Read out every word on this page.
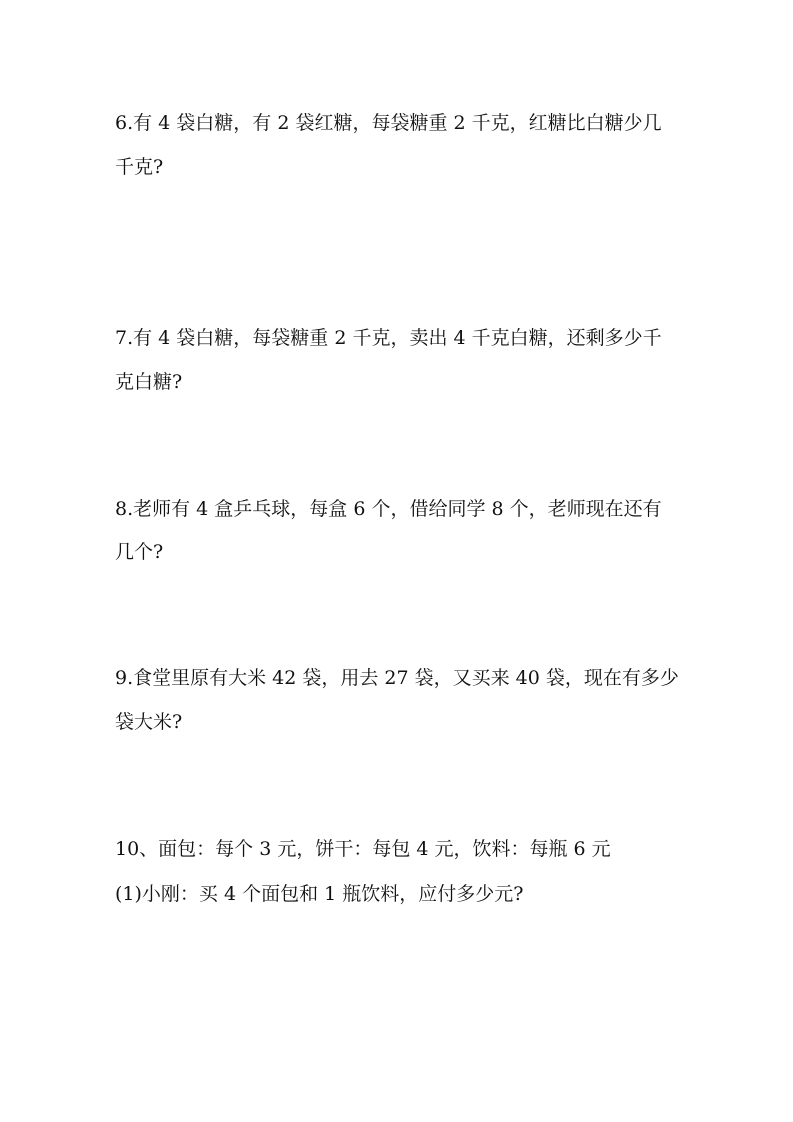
6.有 4 袋白糖，有 2 袋红糖，每袋糖重 2 千克，红糖比白糖少几

千克?

7.有 4 袋白糖，每袋糖重 2 千克，卖出 4 千克白糖，还剩多少千

克白糖?

8.老师有 4 盒乒乓球，每盒 6 个，借给同学 8 个，老师现在还有

几个?

9.食堂里原有大米 42 袋，用去 27 袋，又买来 40 袋，现在有多少

袋大米?

10、面包：每个 3 元，饼干：每包 4 元，饮料：每瓶 6 元

(1)小刚：买 4 个面包和 1 瓶饮料，应付多少元?
